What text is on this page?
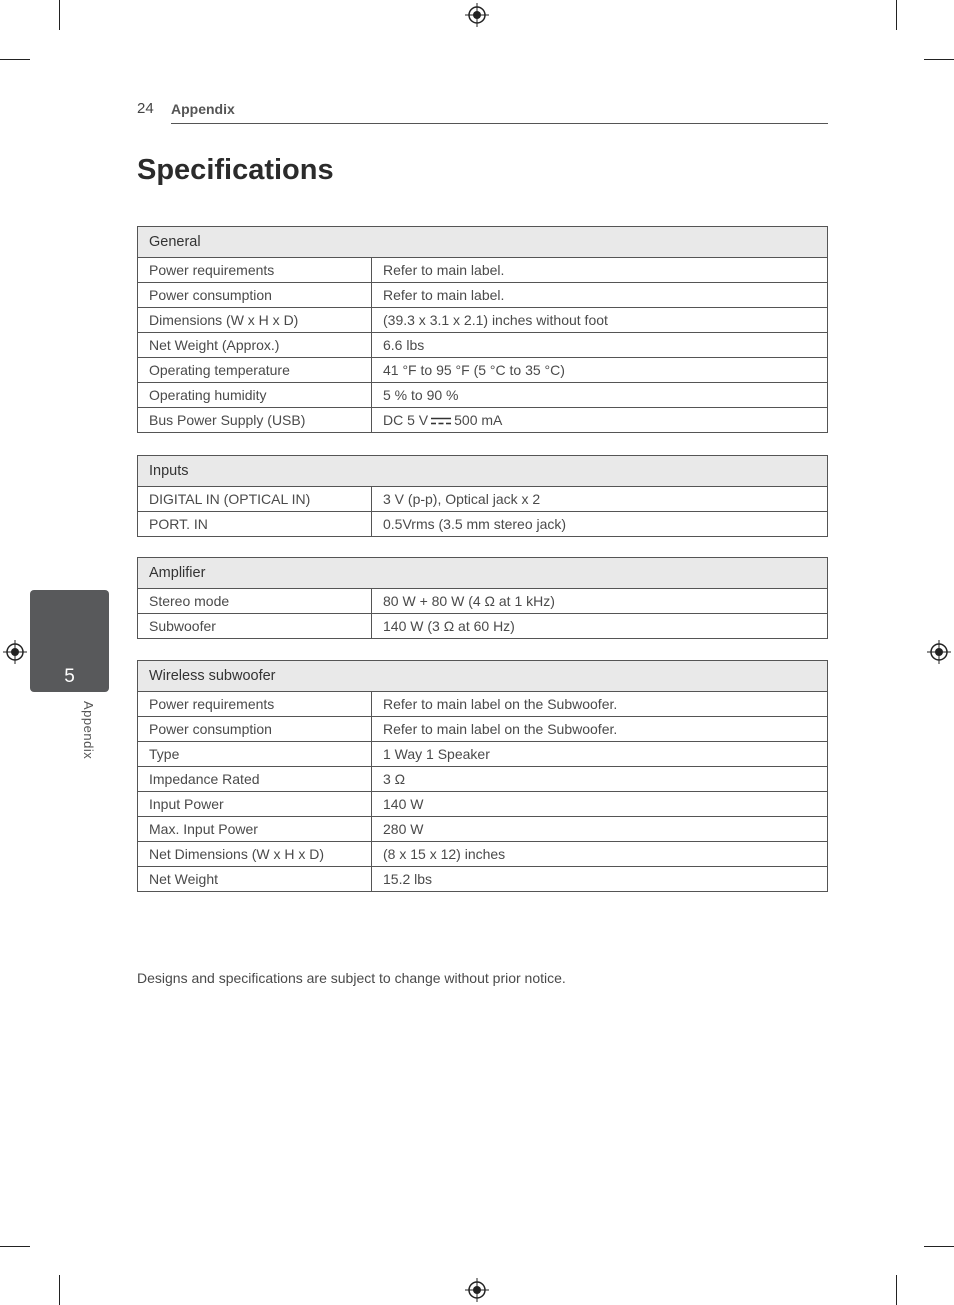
24 Appendix
Specifications
General	
Power requirements	Refer to main label.
Power consumption	Refer to main label.
Dimensions (W x H x D)	(39.3 x 3.1 x 2.1) inches without foot
Net Weight (Approx.)	6.6 lbs
Operating temperature	41 °F to 95 °F (5 °C to 35 °C)
Operating humidity	5 % to 90 %
Bus Power Supply (USB)	DC 5 V 500 mA
Inputs	
DIGITAL IN (OPTICAL IN)	3 V (p-p), Optical jack x 2
PORT. IN	0.5Vrms (3.5 mm stereo jack)
Amplifier	
Stereo mode	80 W + 80 W (4 Ω at 1 kHz)
Subwoofer	140 W (3 Ω at 60 Hz)
Wireless subwoofer	
Power requirements	Refer to main label on the Subwoofer.
Power consumption	Refer to main label on the Subwoofer.
Type	1 Way 1 Speaker
Impedance Rated	3 Ω
Input Power	140 W
Max. Input Power	280 W
Net Dimensions (W x H x D)	(8 x 15 x 12) inches
Net Weight	15.2 lbs
5
Appendix
Designs and specifications are subject to change without prior notice.
